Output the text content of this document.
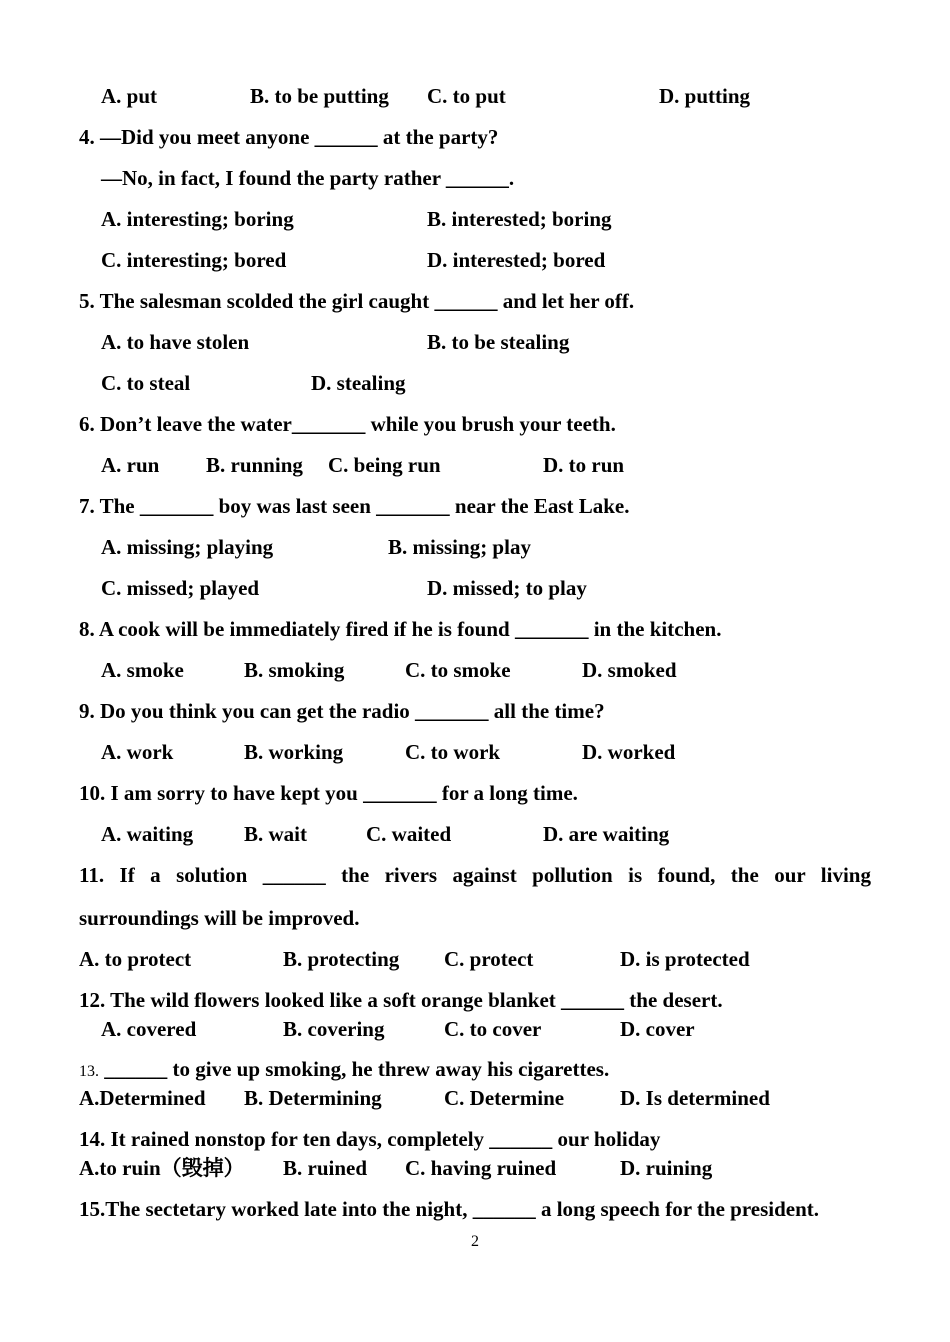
A. put	B. to be putting C. to put	D. putting
4. —Did you meet anyone ______ at the party?
—No, in fact, I found the party rather ______.
A. interesting; boring	B. interested; boring
C. interesting; bored	D. interested; bored
5. The salesman scolded the girl caught ______ and let her off.
A. to have stolen	B. to be stealing
C. to steal	D. stealing
6. Don’t leave the water_______ while you brush your teeth.
A. run B. running C. being run	D. to run
7. The _______ boy was last seen _______ near the East Lake.
A. missing; playing	B. missing; play
C. missed; played	D. missed; to play
8. A cook will be immediately fired if he is found _______ in the kitchen.
A. smoke	B. smoking	C. to smoke	D. smoked
9. Do you think you can get the radio _______ all the time?
A. work	B. working	C. to work	D. worked
10. I am sorry to have kept you _______ for a long time.
A. waiting B. wait	C. waited	D. are waiting
11. If a solution ______ the rivers against pollution is found, the our living
surroundings will be improved.
A. to protect	B. protecting C. protect	D. is protected
12. The wild flowers looked like a soft orange blanket ______ the desert.
A. covered	B. covering	C. to cover	D. cover
13. ______ to give up smoking, he threw away his cigarettes.
A.Determined B. Determining	C. Determine	D. Is determined
14. It rained nonstop for ten days, completely ______ our holiday
A.to ruin（毁掉） B. ruined C. having ruined	D. ruining
15.The sectetary worked late into the night, ______ a long speech for the president.
2
